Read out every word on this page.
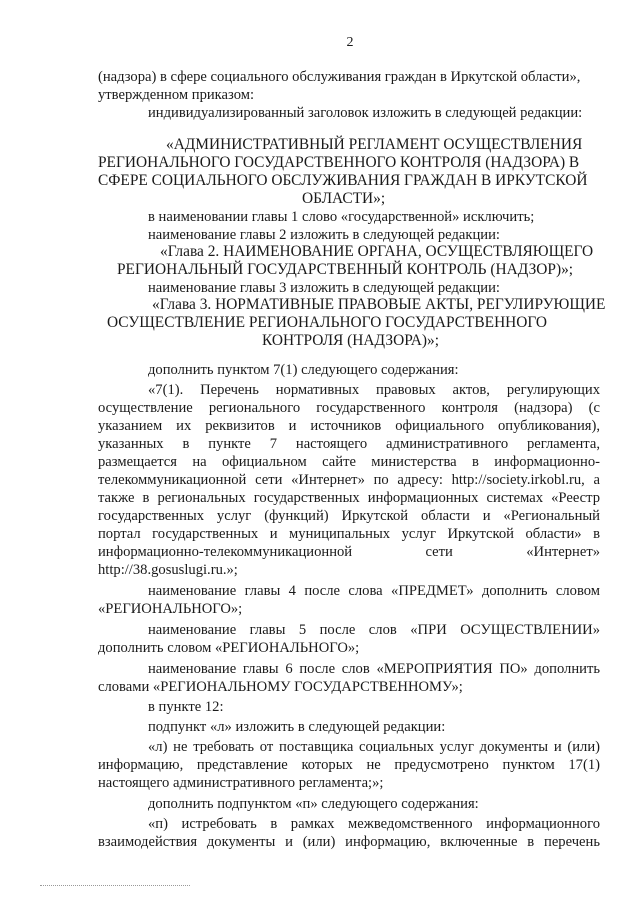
2
(надзора) в сфере социального обслуживания граждан в Иркутской области»,
утвержденном приказом:
индивидуализированный заголовок изложить в следующей редакции:
«АДМИНИСТРАТИВНЫЙ РЕГЛАМЕНТ ОСУЩЕСТВЛЕНИЯ
РЕГИОНАЛЬНОГО ГОСУДАРСТВЕННОГО КОНТРОЛЯ (НАДЗОРА) В
СФЕРЕ СОЦИАЛЬНОГО ОБСЛУЖИВАНИЯ ГРАЖДАН В ИРКУТСКОЙ
ОБЛАСТИ»;
в наименовании главы 1 слово «государственной» исключить;
наименование главы 2 изложить в следующей редакции:
«Глава 2. НАИМЕНОВАНИЕ ОРГАНА, ОСУЩЕСТВЛЯЮЩЕГО
РЕГИОНАЛЬНЫЙ ГОСУДАРСТВЕННЫЙ КОНТРОЛЬ (НАДЗОР)»;
наименование главы 3 изложить в следующей редакции:
«Глава 3. НОРМАТИВНЫЕ ПРАВОВЫЕ АКТЫ, РЕГУЛИРУЮЩИЕ
ОСУЩЕСТВЛЕНИЕ РЕГИОНАЛЬНОГО ГОСУДАРСТВЕННОГО
КОНТРОЛЯ (НАДЗОРА)»;
дополнить пунктом 7(1) следующего содержания:
«7(1). Перечень нормативных правовых актов, регулирующих
осуществление регионального государственного контроля (надзора) (с
указанием их реквизитов и источников официального опубликования),
указанных в пункте 7 настоящего административного регламента,
размещается на официальном сайте министерства в информационно-
телекоммуникационной сети «Интернет» по адресу: http://society.irkobl.ru, а
также в региональных государственных информационных системах «Реестр
государственных услуг (функций) Иркутской области и «Региональный
портал государственных и муниципальных услуг Иркутской области» в
информационно-телекоммуникационной сети «Интернет»
http://38.gosuslugi.ru.»;
наименование главы 4 после слова «ПРЕДМЕТ» дополнить словом
«РЕГИОНАЛЬНОГО»;
наименование главы 5 после слов «ПРИ ОСУЩЕСТВЛЕНИИ»
дополнить словом «РЕГИОНАЛЬНОГО»;
наименование главы 6 после слов «МЕРОПРИЯТИЯ ПО» дополнить
словами «РЕГИОНАЛЬНОМУ ГОСУДАРСТВЕННОМУ»;
в пункте 12:
подпункт «л» изложить в следующей редакции:
«л) не требовать от поставщика социальных услуг документы и (или)
информацию, представление которых не предусмотрено пунктом 17(1)
настоящего административного регламента;»;
дополнить подпунктом «п» следующего содержания:
«п) истребовать в рамках межведомственного информационного
взаимодействия документы и (или) информацию, включенные в перечень
